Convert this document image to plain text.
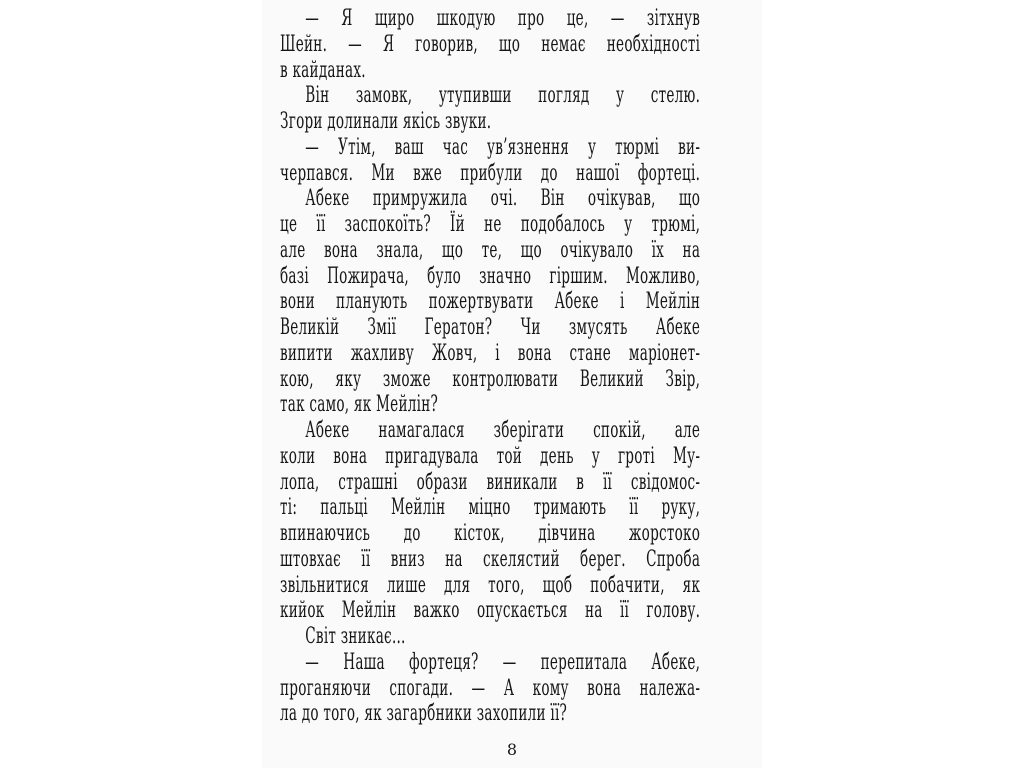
— Я щиро шкодую про це, — зітхнув
Шейн. — Я говорив, що немає необхідності
в кайданах.
Він замовк, утупивши погляд у стелю.
Згори долинали якісь звуки.
— Утім, ваш час ув’язнення у тюрмі ви-
черпався. Ми вже прибули до нашої фортеці.
Абеке примружила очі. Він очікував, що
це її заспокоїть? Їй не подобалось у трюмі,
але вона знала, що те, що очікувало їх на
базі Пожирача, було значно гіршим. Можливо,
вони планують пожертвувати Абеке і Мейлін
Великій Змії Гератон? Чи змусять Абеке
випити жахливу Жовч, і вона стане маріонет-
кою, яку зможе контролювати Великий Звір,
так само, як Мейлін?
Абеке намагалася зберігати спокій, але
коли вона пригадувала той день у гроті Му-
лопа, страшні образи виникали в її свідомос-
ті: пальці Мейлін міцно тримають її руку,
впинаючись до кісток, дівчина жорстоко
штовхає її вниз на скелястий берег. Спроба
звільнитися лише для того, щоб побачити, як
кийок Мейлін важко опускається на її голову.
Світ зникає…
— Наша фортеця? — перепитала Абеке,
проганяючи спогади. — А кому вона належа-
ла до того, як загарбники захопили її?
8
